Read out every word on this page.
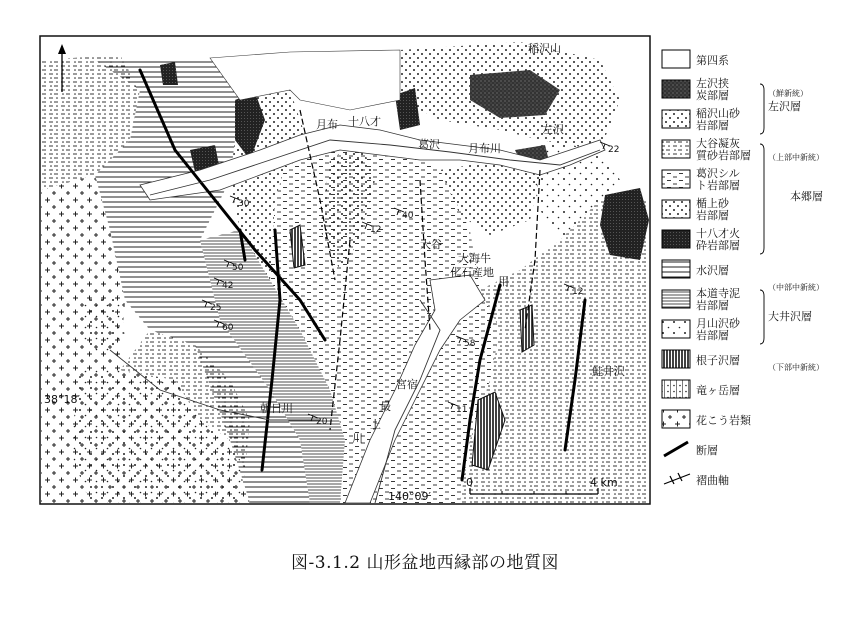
稲沢山
左沢
月布 十八才
葛沢	月布川
大谷
大海牛
化石産地
宮宿
最
上
川
朝日川
鮭井沢
用
38°18′
140°09′
30
12
40
50
42
25
60
20
58
11
22
12
0	4 km
第四系
左沢挟炭部層
稲沢山砂岩部層
大谷凝灰質砂岩部層
葛沢シルト岩部層
楯上砂岩部層
十八才火砕岩部層
水沢層
本道寺泥岩部層
月山沢砂岩部層
根子沢層
竜ヶ岳層
花こう岩類
断層
褶曲軸
左沢層
（鮮新統）
本郷層
（上部中新統）
大井沢層
（中部中新統）
（下部中新統）
図-3.1.2 山形盆地西縁部の地質図
